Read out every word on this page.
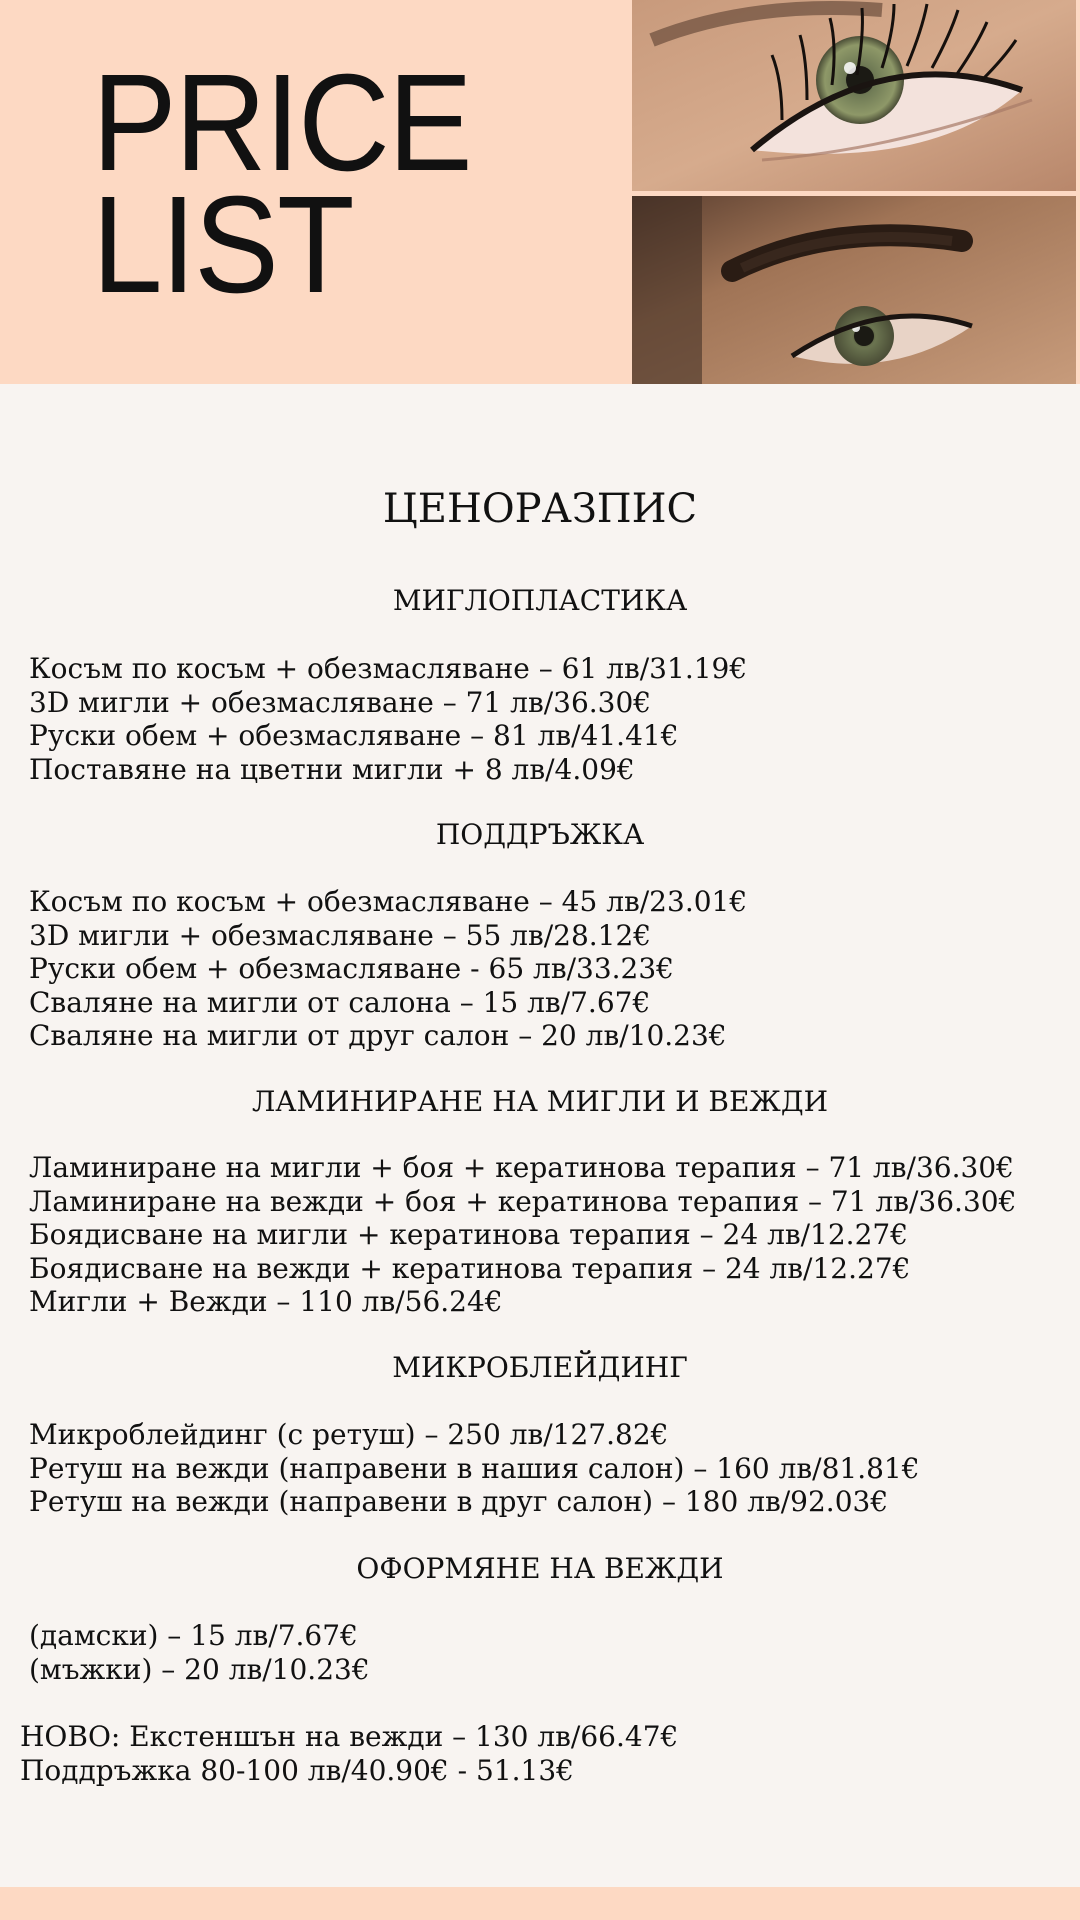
PRICE
LIST
ЦЕНОРАЗПИС
МИГЛОПЛАСТИКА
Косъм по косъм + обезмасляване – 61 лв/31.19€
3D мигли + обезмасляване – 71 лв/36.30€
Руски обем + обезмасляване – 81 лв/41.41€
Поставяне на цветни мигли + 8 лв/4.09€
ПОДДРЪЖКА
Косъм по косъм + обезмасляване – 45 лв/23.01€
3D мигли + обезмасляване – 55 лв/28.12€
Руски обем + обезмасляване - 65 лв/33.23€
Сваляне на мигли от салона – 15 лв/7.67€
Сваляне на мигли от друг салон – 20 лв/10.23€
ЛАМИНИРАНЕ НА МИГЛИ И ВЕЖДИ
Ламиниране на мигли + боя + кератинова терапия – 71 лв/36.30€
Ламиниране на вежди + боя + кератинова терапия – 71 лв/36.30€
Боядисване на мигли + кератинова терапия – 24 лв/12.27€
Боядисване на вежди + кератинова терапия – 24 лв/12.27€
Мигли + Вежди – 110 лв/56.24€
МИКРОБЛЕЙДИНГ
Микроблейдинг (с ретуш) – 250 лв/127.82€
Ретуш на вежди (направени в нашия салон) – 160 лв/81.81€
Ретуш на вежди (направени в друг салон) – 180 лв/92.03€
ОФОРМЯНЕ НА ВЕЖДИ
(дамски) – 15 лв/7.67€
(мъжки) – 20 лв/10.23€
НОВО: Екстеншън на вежди – 130 лв/66.47€
Поддръжка 80-100 лв/40.90€ - 51.13€
